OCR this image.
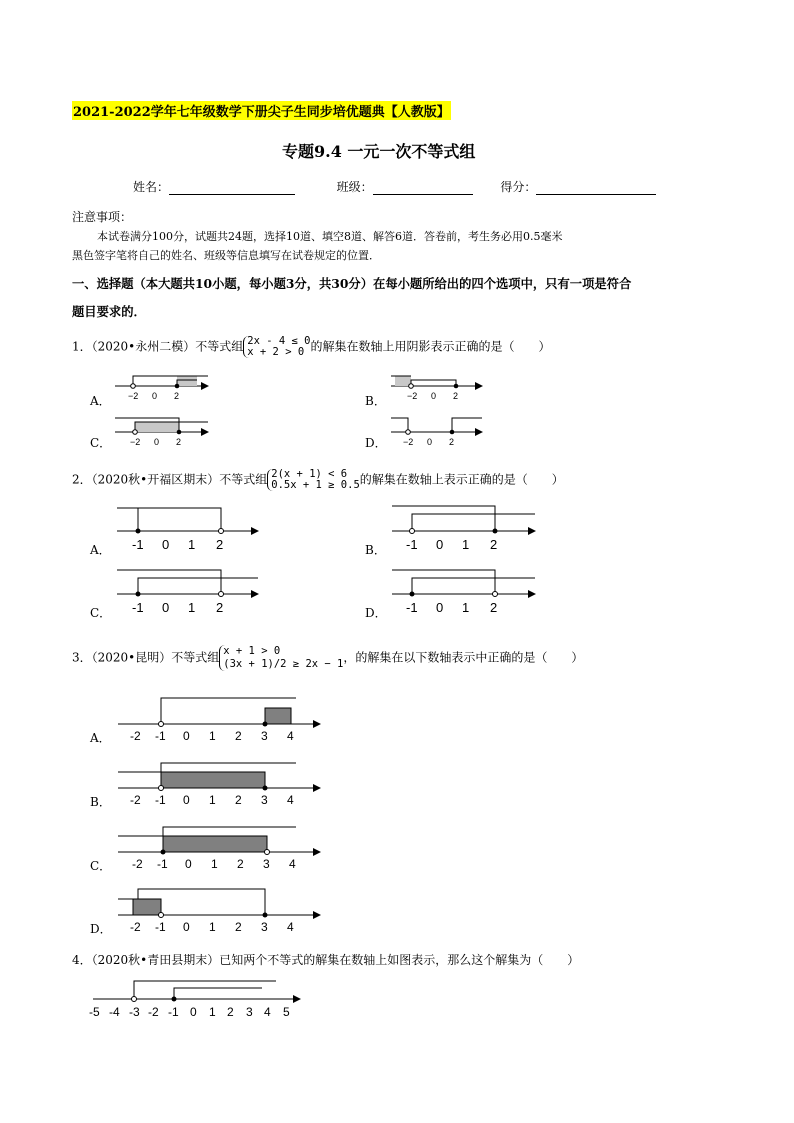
2021-2022学年七年级数学下册尖子生同步培优题典【人教版】
专题9.4 一元一次不等式组
姓名：	班级：	得分：
注意事项：
本试卷满分100分，试题共24题，选择10道、填空8道、解答6道．答卷前，考生务必用0.5毫米
黑色签字笔将自己的姓名、班级等信息填写在试卷规定的位置．
一、选择题（本大题共10小题，每小题3分，共30分）在每小题所给出的四个选项中，只有一项是符合
题目要求的．
1．（2020•永州二模）不等式组 2x - 4 ≤ 0
x + 2 > 0 的解集在数轴上用阴影表示正确的是（　　）
A．	B．
C．	D．
−2 0 2	−2 0 2
−2 0 2	−2 0 2
-1 0 1 2	-1 0 1 2
-1 0 1 2	-1 0 1 2
-2 -1 0 1 2 3 4
-2 -1 0 1 2 3 4
-2 -1 0 1 2 3 4
-2 -1 0 1 2 3 4
-5 -4 -3 -2 -1 0 1 2 3 4 5
2．（2020秋•开福区期末）不等式组 2(x + 1) < 6
0.5x + 1 ≥ 0.5的解集在数轴上表示正确的是（　　）
A．	B．
C．	D．
3．（2020•昆明）不等式组 x + 1 > 0
(3x + 1)/2 ≥ 2x − 1，的解集在以下数轴表示中正确的是（　　）
A．
B．
C．
D．
4．（2020秋•青田县期末）已知两个不等式的解集在数轴上如图表示，那么这个解集为（　　）
